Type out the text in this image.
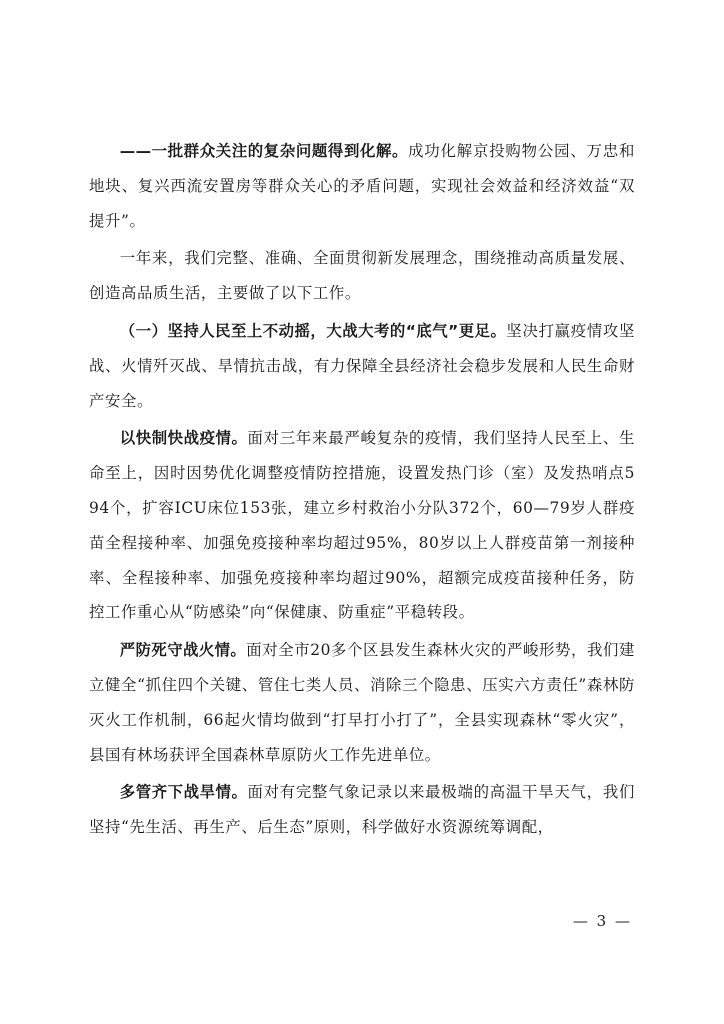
——一批群众关注的复杂问题得到化解。成功化解京投购物公园、万忠和地块、复兴西流安置房等群众关心的矛盾问题，实现社会效益和经济效益“双提升”。

一年来，我们完整、准确、全面贯彻新发展理念，围绕推动高质量发展、创造高品质生活，主要做了以下工作。

（一）坚持人民至上不动摇，大战大考的“底气”更足。坚决打赢疫情攻坚战、火情歼灭战、旱情抗击战，有力保障全县经济社会稳步发展和人民生命财产安全。

以快制快战疫情。面对三年来最严峻复杂的疫情，我们坚持人民至上、生命至上，因时因势优化调整疫情防控措施，设置发热门诊（室）及发热哨点594个，扩容ICU床位153张，建立乡村救治小分队372个，60—79岁人群疫苗全程接种率、加强免疫接种率均超过95%，80岁以上人群疫苗第一剂接种率、全程接种率、加强免疫接种率均超过90%，超额完成疫苗接种任务，防控工作重心从“防感染”向“保健康、防重症”平稳转段。

严防死守战火情。面对全市20多个区县发生森林火灾的严峻形势，我们建立健全“抓住四个关键、管住七类人员、消除三个隐患、压实六方责任”森林防灭火工作机制，66起火情均做到“打早打小打了”，全县实现森林“零火灾”，县国有林场获评全国森林草原防火工作先进单位。

多管齐下战旱情。面对有完整气象记录以来最极端的高温干旱天气，我们坚持“先生活、再生产、后生态”原则，科学做好水资源统筹调配，

— 3 —
